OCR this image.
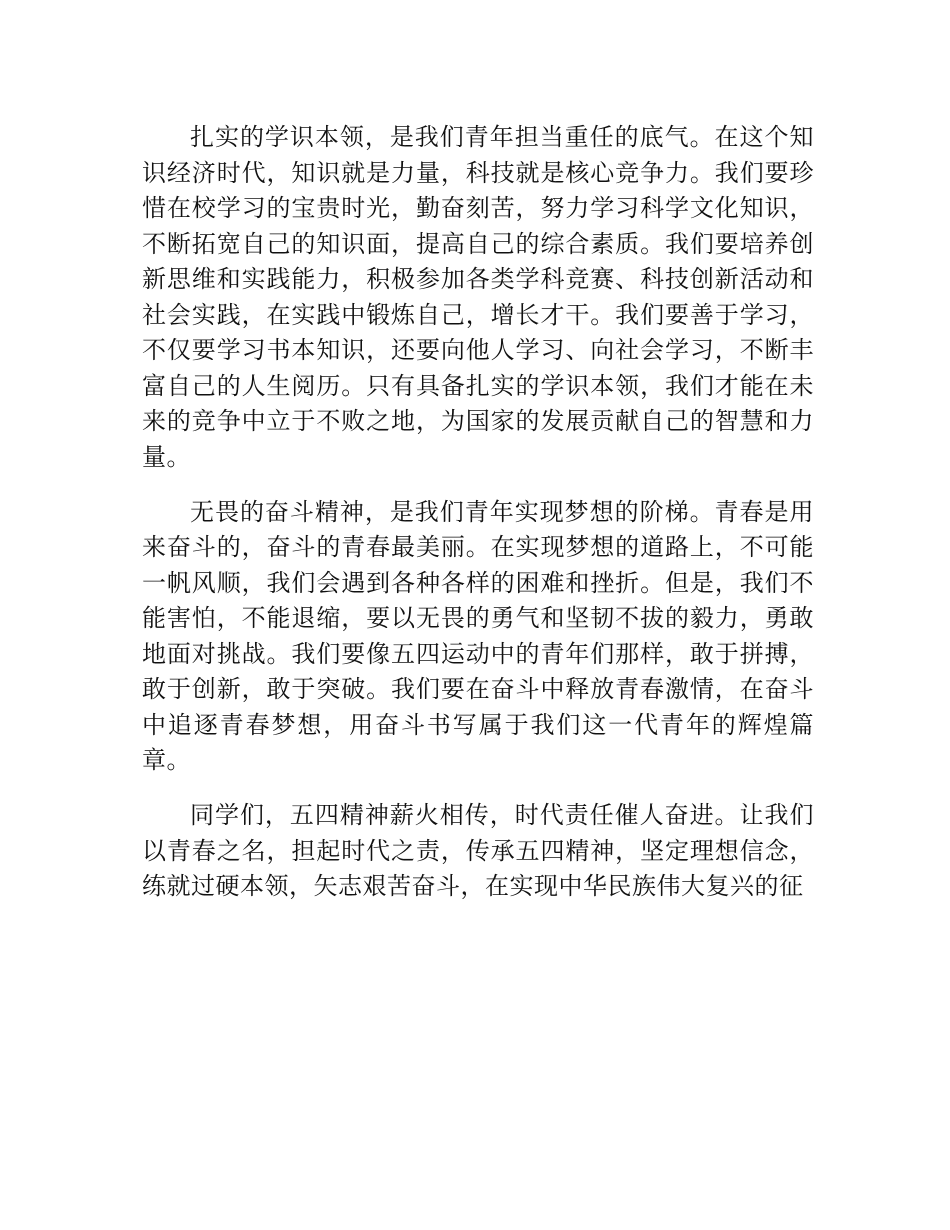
扎实的学识本领，是我们青年担当重任的底气。在这个知识经济时代，知识就是力量，科技就是核心竞争力。我们要珍惜在校学习的宝贵时光，勤奋刻苦，努力学习科学文化知识，不断拓宽自己的知识面，提高自己的综合素质。我们要培养创新思维和实践能力，积极参加各类学科竞赛、科技创新活动和社会实践，在实践中锻炼自己，增长才干。我们要善于学习，不仅要学习书本知识，还要向他人学习、向社会学习，不断丰富自己的人生阅历。只有具备扎实的学识本领，我们才能在未来的竞争中立于不败之地，为国家的发展贡献自己的智慧和力量。

无畏的奋斗精神，是我们青年实现梦想的阶梯。青春是用来奋斗的，奋斗的青春最美丽。在实现梦想的道路上，不可能一帆风顺，我们会遇到各种各样的困难和挫折。但是，我们不能害怕，不能退缩，要以无畏的勇气和坚韧不拔的毅力，勇敢地面对挑战。我们要像五四运动中的青年们那样，敢于拼搏，敢于创新，敢于突破。我们要在奋斗中释放青春激情，在奋斗中追逐青春梦想，用奋斗书写属于我们这一代青年的辉煌篇章。

同学们，五四精神薪火相传，时代责任催人奋进。让我们以青春之名，担起时代之责，传承五四精神，坚定理想信念，练就过硬本领，矢志艰苦奋斗，在实现中华民族伟大复兴的征
